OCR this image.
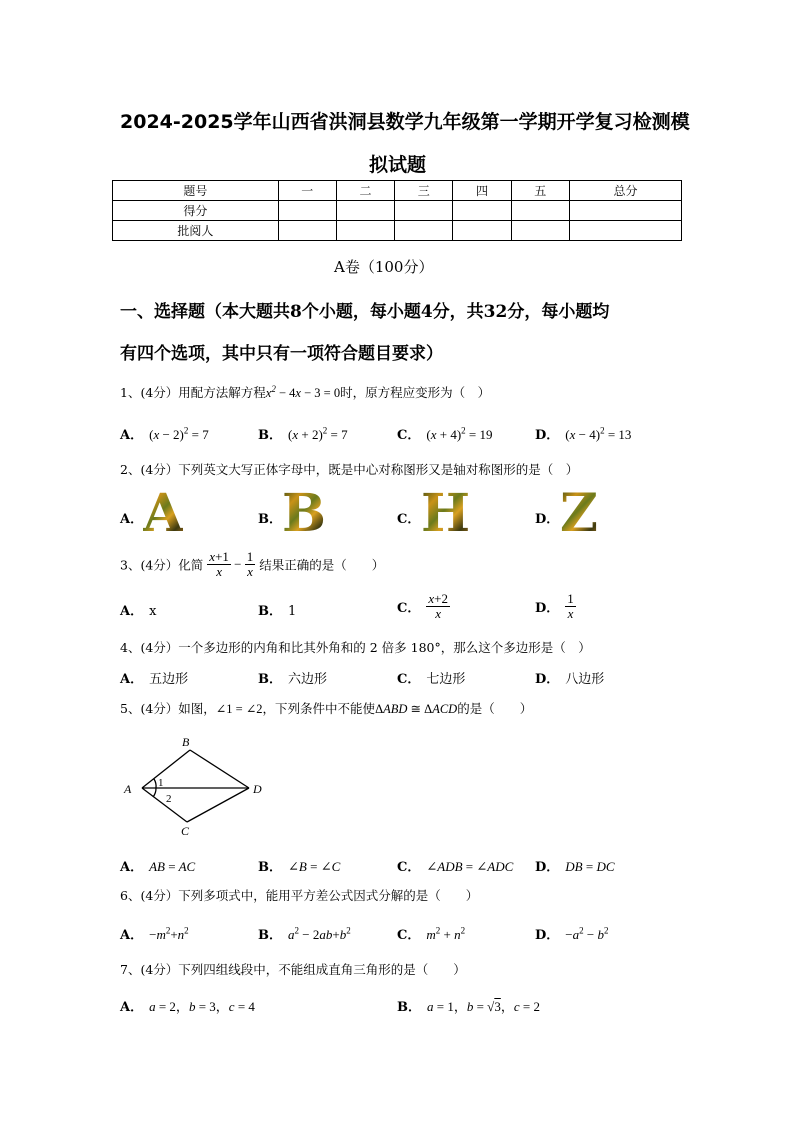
2024-2025学年山西省洪洞县数学九年级第一学期开学复习检测模
拟试题
题号	一	二	三	四	五	总分
得分						
批阅人						
A卷（100分）
一、选择题（本大题共8个小题，每小题4分，共32分，每小题均
有四个选项，其中只有一项符合题目要求）
1、(4分）用配方法解方程$x^2 - 4x - 3 = 0$时，原方程应变形为（　）
A． $(x - 2)^2 = 7$	B． $(x + 2)^2 = 7$	C． $(x + 4)^2 = 19$	D． $(x - 4)^2 = 13$
2、(4分）下列英文大写正体字母中，既是中心对称图形又是轴对称图形的是（　）
A． A	B． B	C． H	D． Z
3、(4分）化简 $\frac{x+1}{x} - \frac{1}{x}$ 结果正确的是（　　）
A． x	B． 1	C． $\frac{x+2}{x}$	D． $\frac{1}{x}$
4、(4分）一个多边形的内角和比其外角和的 2 倍多 180°，那么这个多边形是（　）
A． 五边形	B． 六边形	C． 七边形	D． 八边形
5、(4分）如图，∠1 = ∠2，下列条件中不能使ΔABD ≅ ΔACD的是（　　）
B
A	D
C
1
2
A． AB = AC	B． ∠B = ∠C	C． ∠ADB = ∠ADC D． DB = DC
6、(4分）下列多项式中，能用平方差公式因式分解的是（　　）
A． $-m^2+n^2$	B． $a^2 - 2ab+b^2$	C． $m^2 + n^2$	D． $-a^2 - b^2$
7、(4分）下列四组线段中，不能组成直角三角形的是（　　）
A． a = 2，b = 3，c = 4	B． a = 1，b = √3，c = 2
